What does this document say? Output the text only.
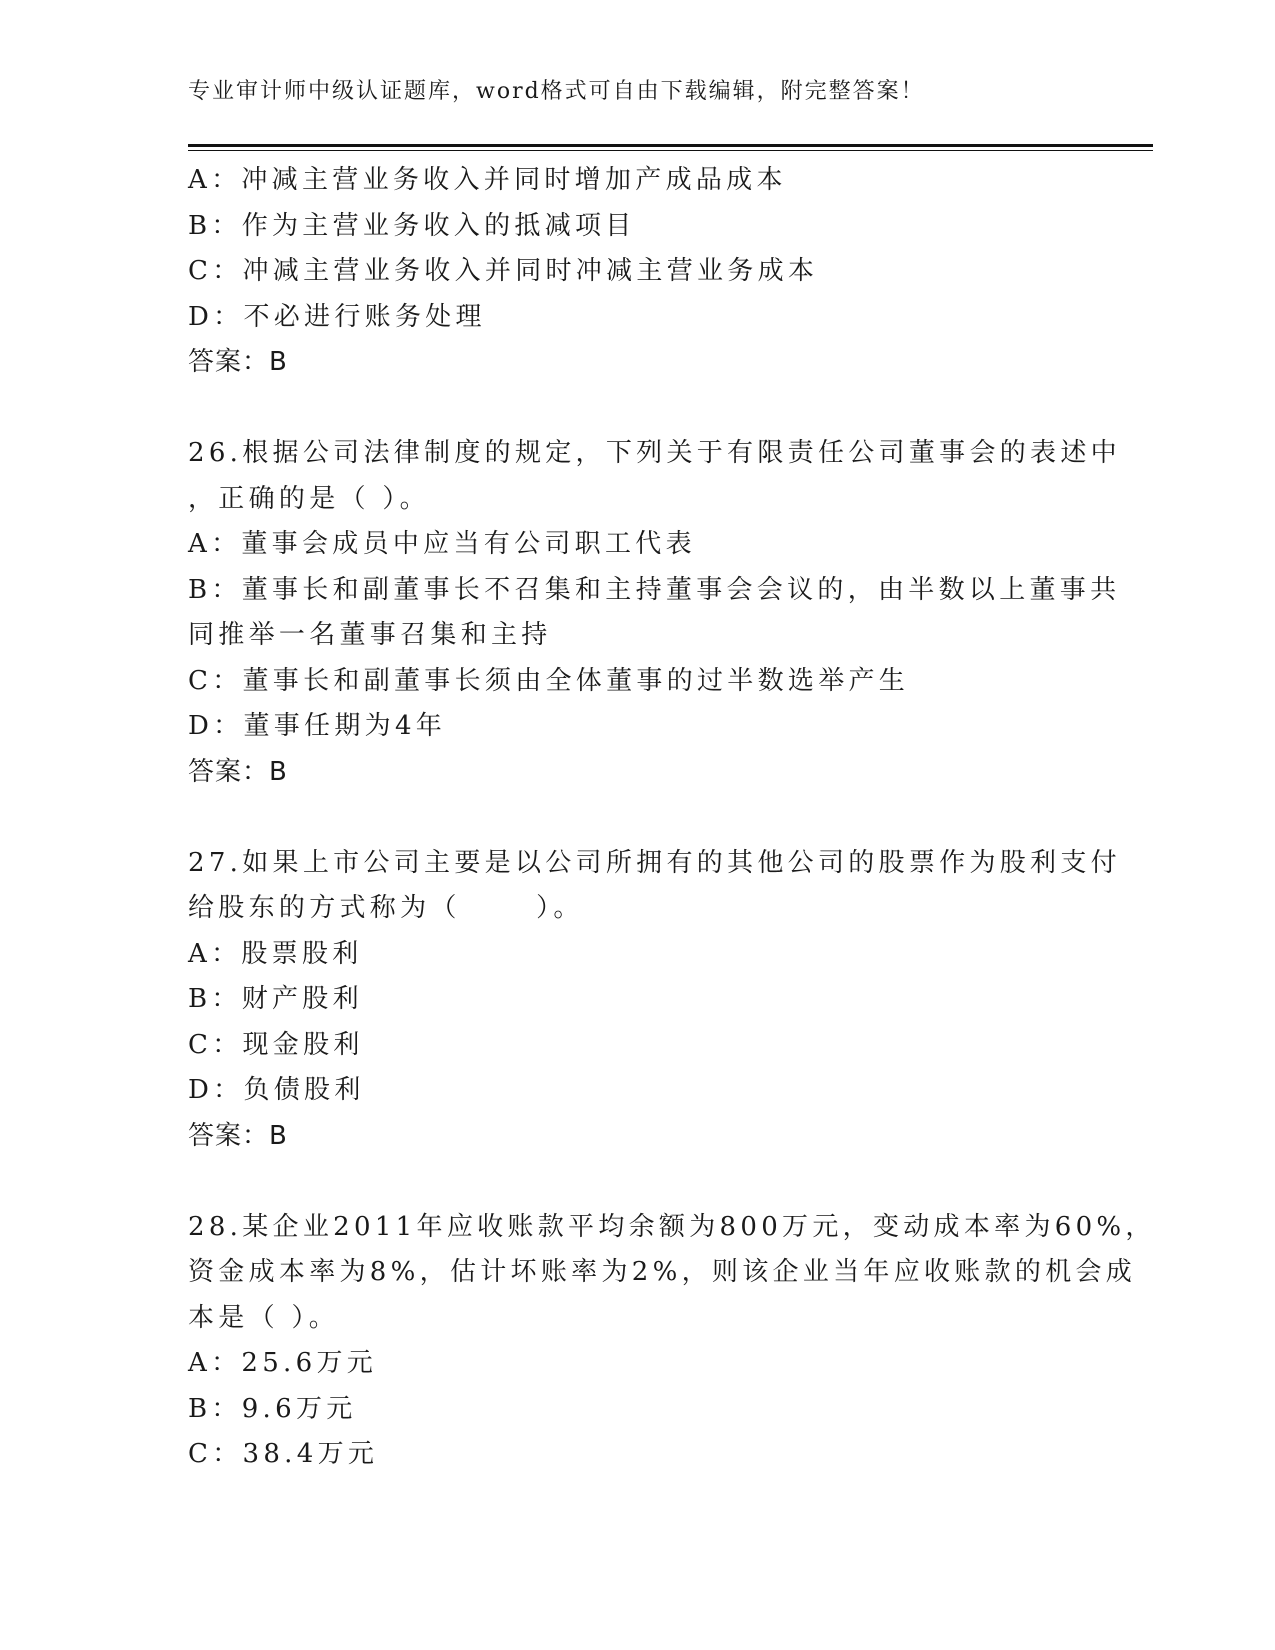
专业审计师中级认证题库，word格式可自由下载编辑，附完整答案！
A：冲减主营业务收入并同时增加产成品成本
B：作为主营业务收入的抵减项目
C：冲减主营业务收入并同时冲减主营业务成本
D：不必进行账务处理
答案：B
26.根据公司法律制度的规定，下列关于有限责任公司董事会的表述中
，正确的是（ ）。
A：董事会成员中应当有公司职工代表
B：董事长和副董事长不召集和主持董事会会议的，由半数以上董事共
同推举一名董事召集和主持
C：董事长和副董事长须由全体董事的过半数选举产生
D：董事任期为4年
答案：B
27.如果上市公司主要是以公司所拥有的其他公司的股票作为股利支付
给股东的方式称为（      ）。
A：股票股利
B：财产股利
C：现金股利
D：负债股利
答案：B
28.某企业2011年应收账款平均余额为800万元，变动成本率为60%，
资金成本率为8%，估计坏账率为2%，则该企业当年应收账款的机会成
本是（ ）。
A：25.6万元
B：9.6万元
C：38.4万元
